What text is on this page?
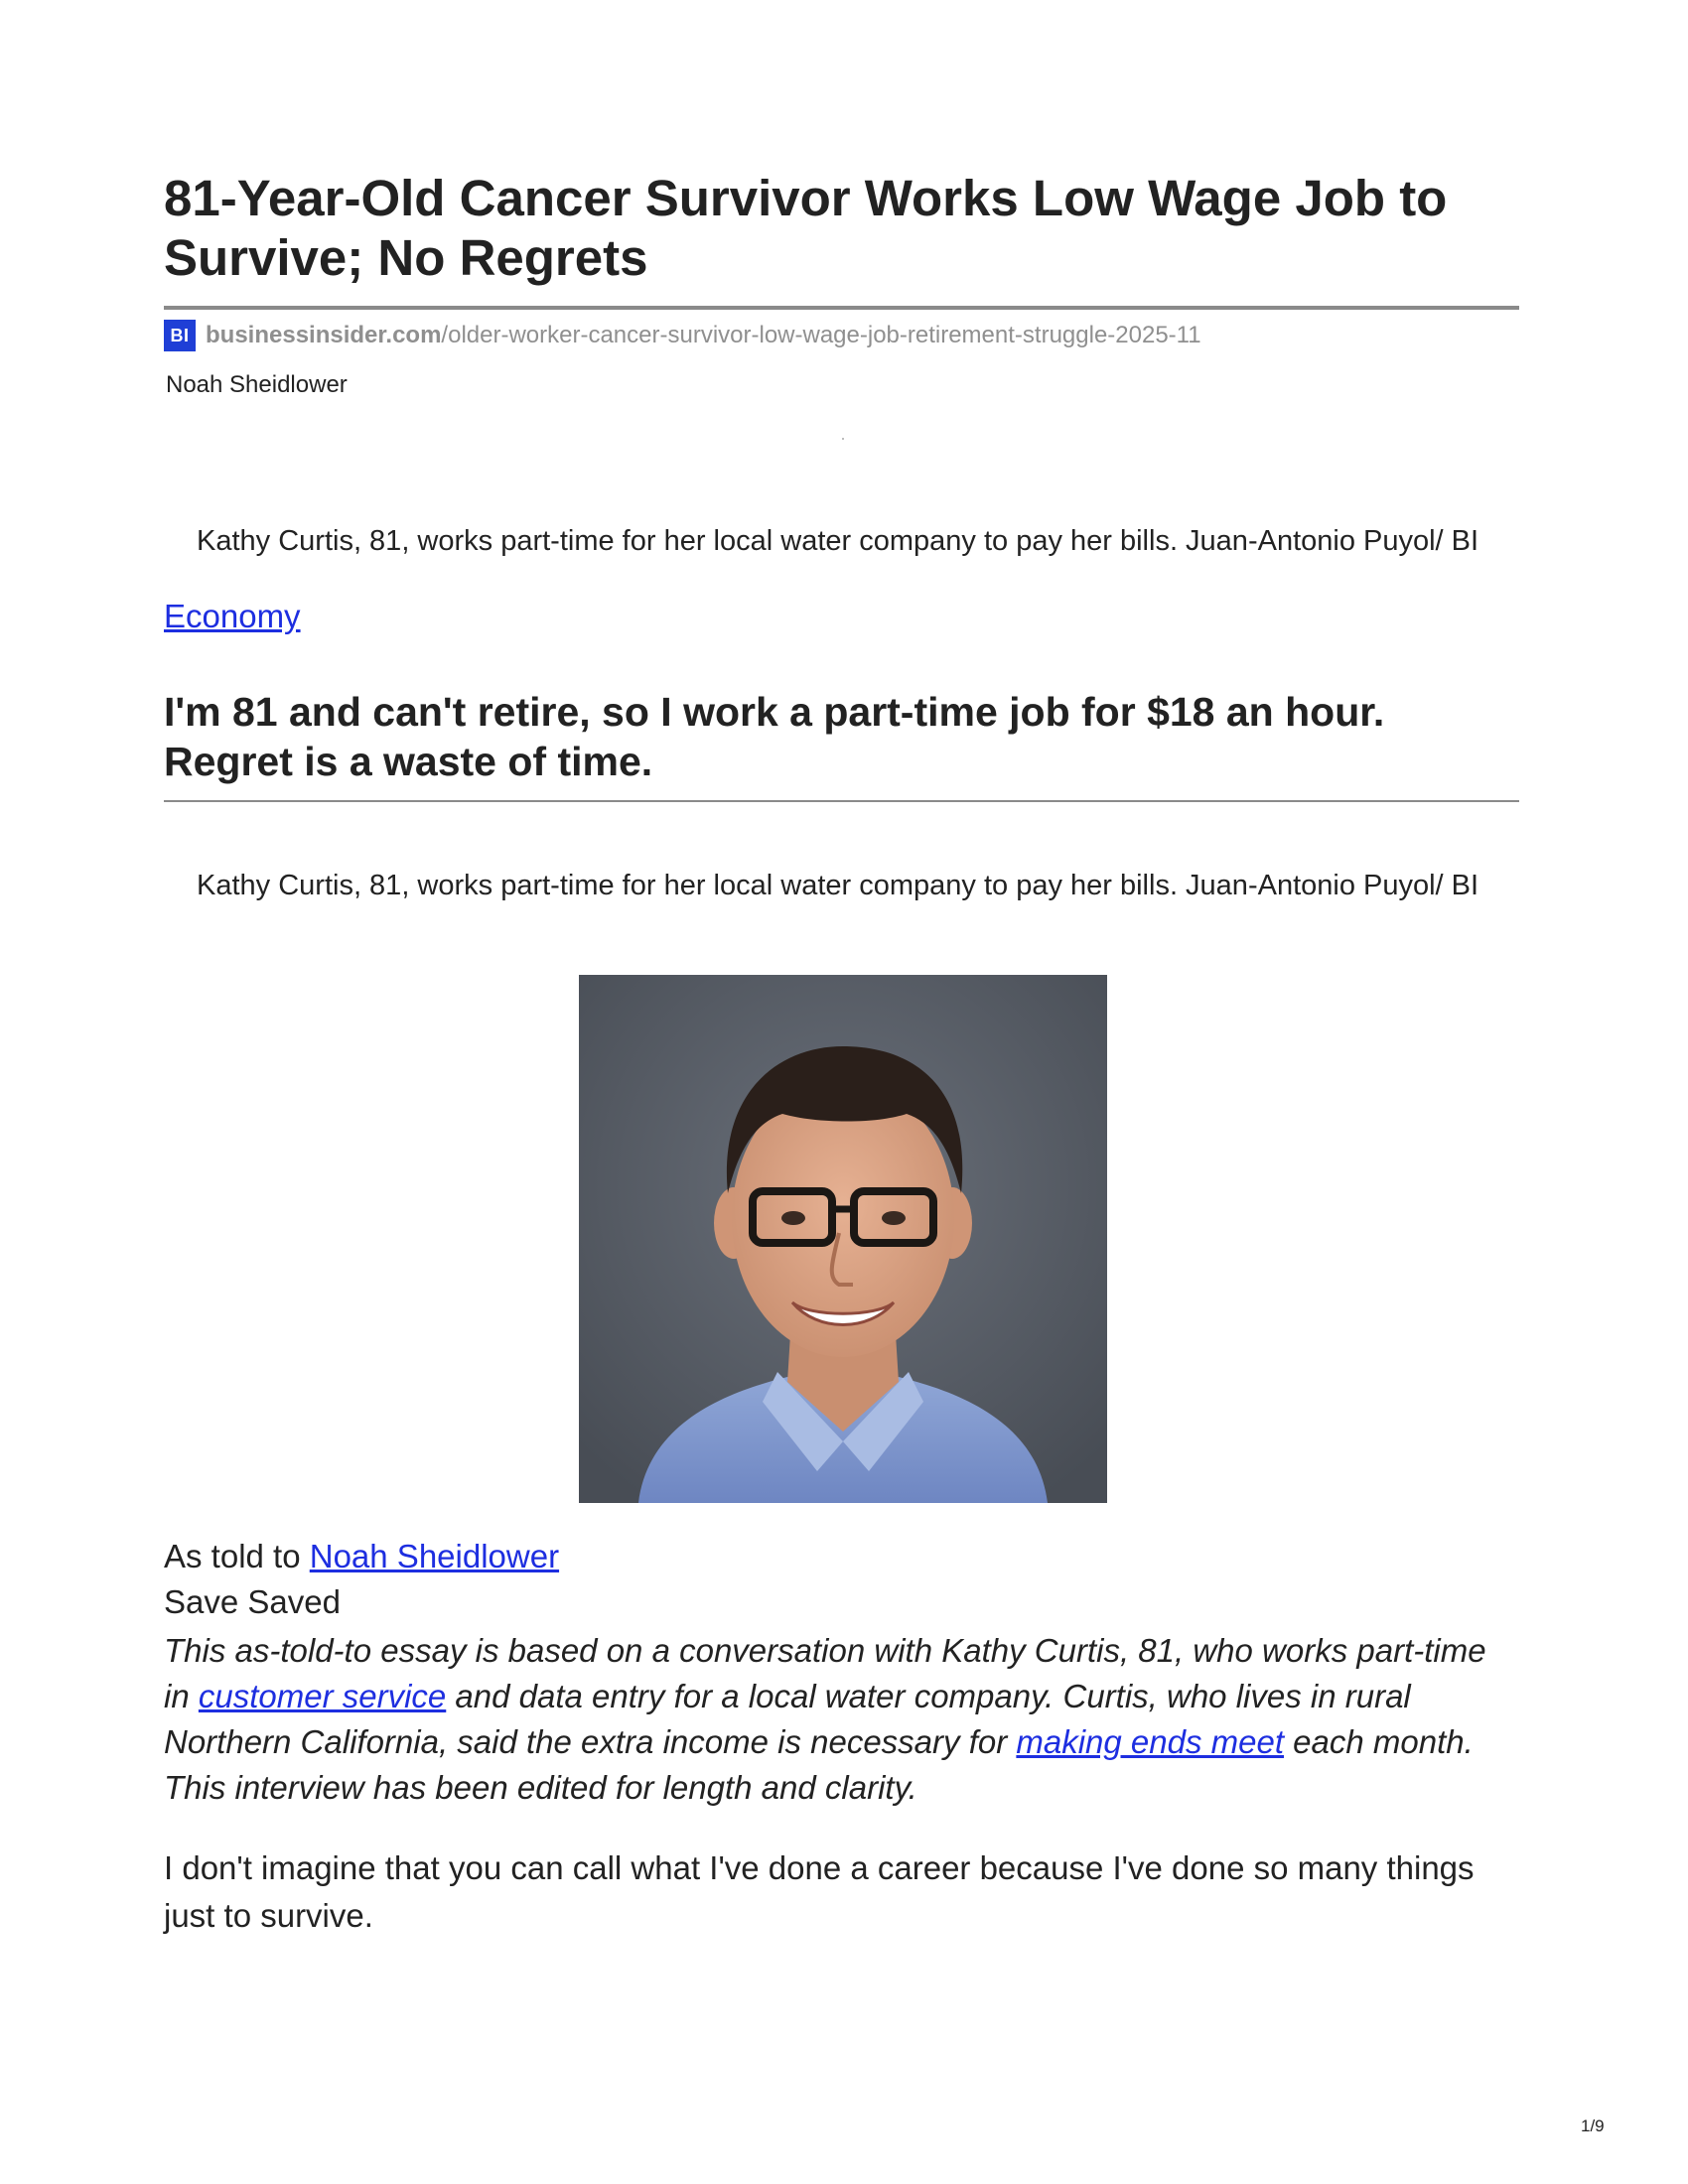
81-Year-Old Cancer Survivor Works Low Wage Job to Survive; No Regrets
BI businessinsider.com /older-worker-cancer-survivor-low-wage-job-retirement-struggle-2025-11
Noah Sheidlower
Kathy Curtis, 81, works part-time for her local water company to pay her bills. Juan-Antonio Puyol/ BI
Economy
I'm 81 and can't retire, so I work a part-time job for $18 an hour. Regret is a waste of time.
Kathy Curtis, 81, works part-time for her local water company to pay her bills. Juan-Antonio Puyol/ BI
As told to Noah Sheidlower
Save Saved

This as-told-to essay is based on a conversation with Kathy Curtis, 81, who works part-time in customer service and data entry for a local water company. Curtis, who lives in rural Northern California, said the extra income is necessary for making ends meet each month. This interview has been edited for length and clarity.

I don't imagine that you can call what I've done a career because I've done so many things just to survive.

1/9
